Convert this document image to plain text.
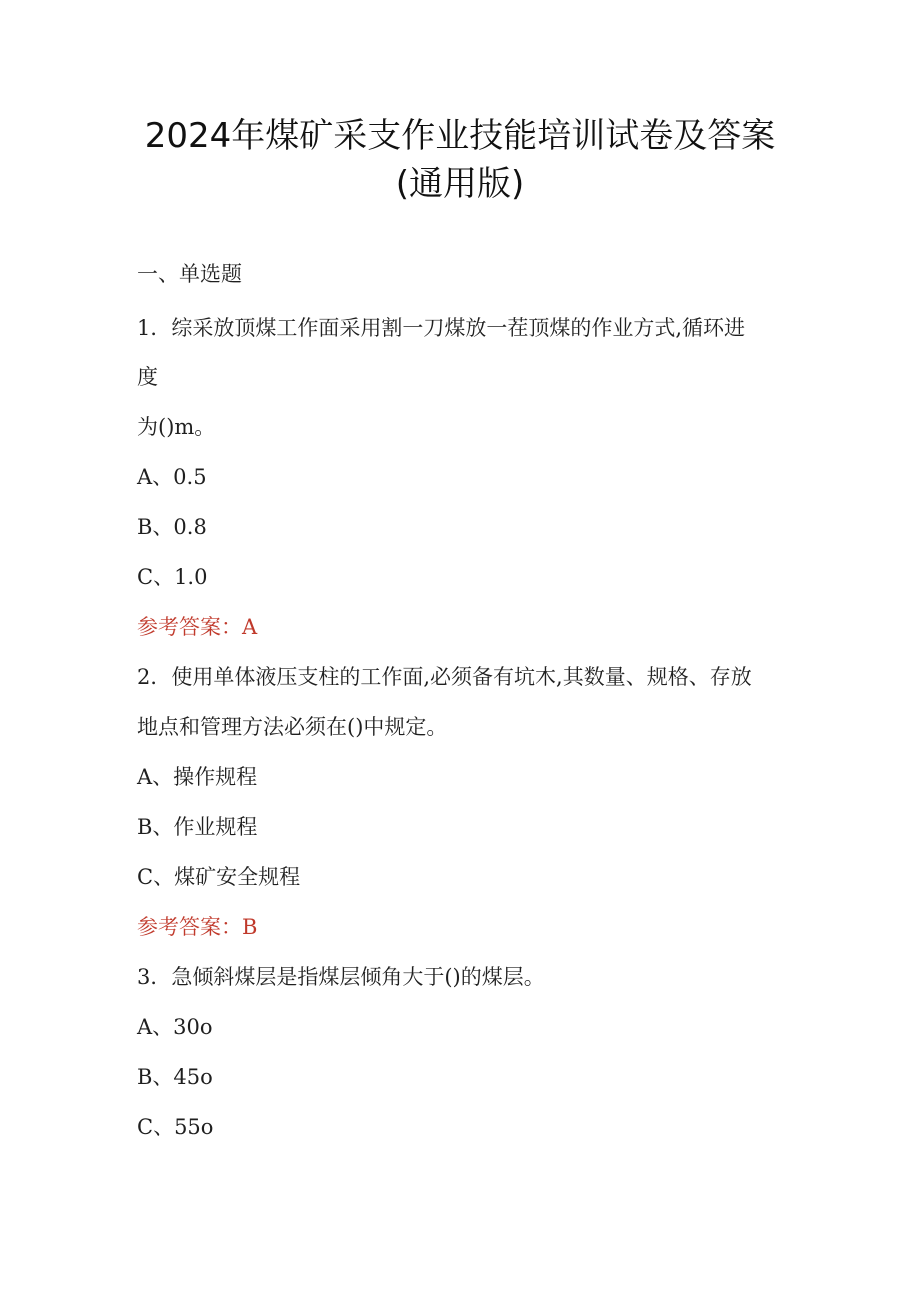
2024年煤矿采支作业技能培训试卷及答案
(通用版)
一、单选题
1．综采放顶煤工作面采用割一刀煤放一茬顶煤的作业方式,循环进
度
为()m。
A、0.5
B、0.8
C、1.0
参考答案：A
2．使用单体液压支柱的工作面,必须备有坑木,其数量、规格、存放
地点和管理方法必须在()中规定。
A、操作规程
B、作业规程
C、煤矿安全规程
参考答案：B
3．急倾斜煤层是指煤层倾角大于()的煤层。
A、30o
B、45o
C、55o
